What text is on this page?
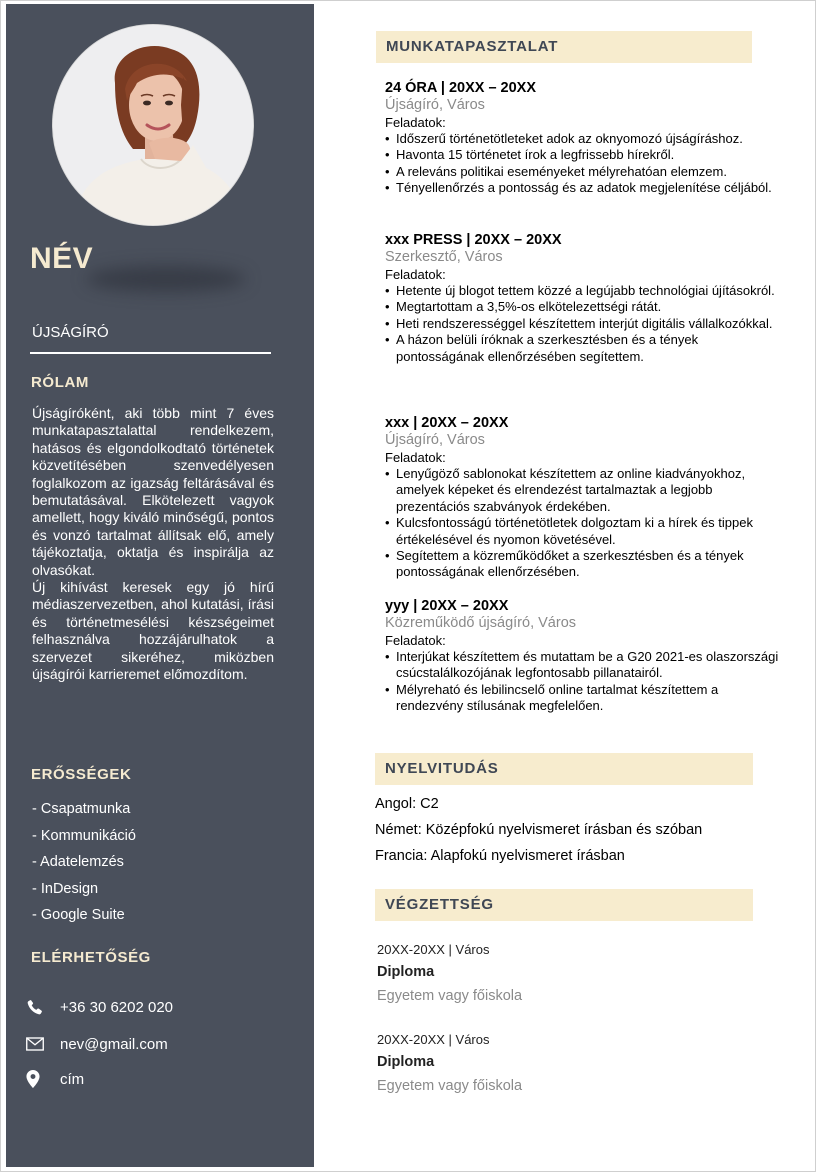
NÉV
ÚJSÁGÍRÓ
RÓLAM

Újságíróként, aki több mint 7 éves munkatapasztalattal rendelkezem, hatásos és elgondolkodtató történetek közvetítésében szenvedélyesen foglalkozom az igazság feltárásával és bemutatásával. Elkötelezett vagyok amellett, hogy kiváló minőségű, pontos és vonzó tartalmat állítsak elő, amely tájékoztatja, oktatja és inspirálja az olvasókat.

Új kihívást keresek egy jó hírű médiaszervezetben, ahol kutatási, írási és történetmesélési készségeimet felhasználva hozzájárulhatok a szervezet sikeréhez, miközben újságírói karrieremet előmozdítom.

ERŐSSÉGEK
- Csapatmunka
- Kommunikáció
- Adatelemzés
- InDesign
- Google Suite
ELÉRHETŐSÉG
+36 30 6202 020
nev@gmail.com
cím
MUNKATAPASZTALAT
24 ÓRA | 20XX – 20XX
Újságíró, Város
Feladatok:
• Időszerű történetötleteket adok az oknyomozó újságíráshoz.
• Havonta 15 történetet írok a legfrissebb hírekről.
• A releváns politikai eseményeket mélyrehatóan elemzem.
• Tényellenőrzés a pontosság és az adatok megjelenítése céljából.
xxx PRESS | 20XX – 20XX
Szerkesztő, Város
Feladatok:
• Hetente új blogot tettem közzé a legújabb technológiai újításokról.
• Megtartottam a 3,5%-os elkötelezettségi rátát.
• Heti rendszerességgel készítettem interjút digitális vállalkozókkal.
• A házon belüli íróknak a szerkesztésben és a tények pontosságának ellenőrzésében segítettem.
xxx | 20XX – 20XX
Újságíró, Város
Feladatok:
• Lenyűgöző sablonokat készítettem az online kiadványokhoz, amelyek képeket és elrendezést tartalmaztak a legjobb prezentációs szabványok érdekében.
• Kulcsfontosságú történetötletek dolgoztam ki a hírek és tippek értékelésével és nyomon követésével.
• Segítettem a közreműködőket a szerkesztésben és a tények pontosságának ellenőrzésében.
yyy | 20XX – 20XX
Közreműködő újságíró, Város
Feladatok:
• Interjúkat készítettem és mutattam be a G20 2021-es olaszországi csúcstalálkozójának legfontosabb pillanatairól.
• Mélyreható és lebilincselő online tartalmat készítettem a rendezvény stílusának megfelelően.
NYELVITUDÁS
Angol: C2
Német: Középfokú nyelvismeret írásban és szóban
Francia: Alapfokú nyelvismeret írásban
VÉGZETTSÉG
20XX-20XX | Város
Diploma
Egyetem vagy főiskola
20XX-20XX | Város
Diploma
Egyetem vagy főiskola
